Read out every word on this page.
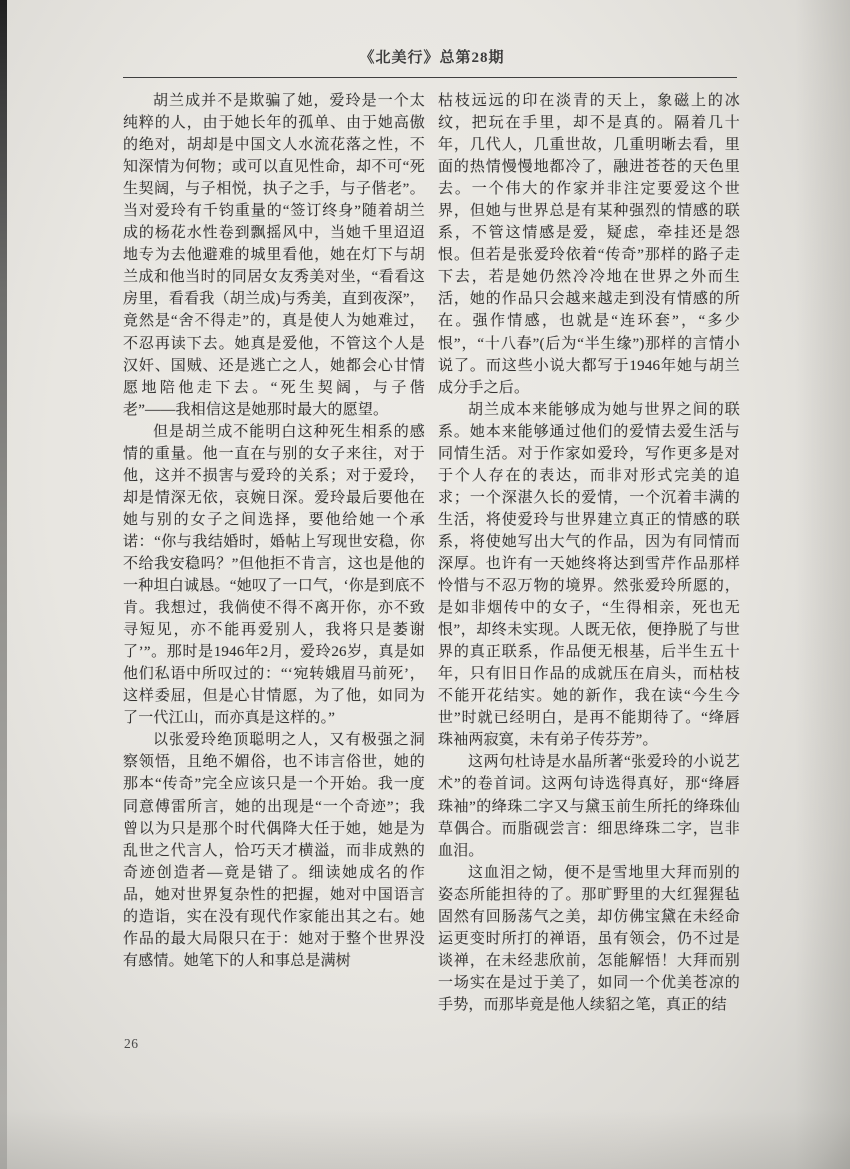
《北美行》总第28期

胡兰成并不是欺骗了她，爱玲是一个太纯粹的人，由于她长年的孤单、由于她高傲的绝对，胡却是中国文人水流花落之性，不知深情为何物；或可以直见性命，却不可“死生契阔，与子相悦，执子之手，与子偕老”。当对爱玲有千钧重量的“签订终身”随着胡兰成的杨花水性卷到飘摇风中，当她千里迢迢地专为去他避难的城里看他，她在灯下与胡兰成和他当时的同居女友秀美对坐，“看看这房里，看看我（胡兰成)与秀美，直到夜深”，竟然是“舍不得走”的，真是使人为她难过，不忍再读下去。她真是爱他，不管这个人是汉奸、国贼、还是逃亡之人，她都会心甘情愿地陪他走下去。“死生契阔，与子偕老”——我相信这是她那时最大的愿望。

但是胡兰成不能明白这种死生相系的感情的重量。他一直在与别的女子来往，对于他，这并不损害与爱玲的关系；对于爱玲，却是情深无依，哀婉日深。爱玲最后要他在她与别的女子之间选择，要他给她一个承诺：“你与我结婚时，婚帖上写现世安稳，你不给我安稳吗？”但他拒不肯言，这也是他的一种坦白诚恳。“她叹了一口气，‘你是到底不肯。我想过，我倘使不得不离开你，亦不致寻短见，亦不能再爱别人，我将只是萎谢了’”。那时是1946年2月，爱玲26岁，真是如他们私语中所叹过的：“‘宛转娥眉马前死’，这样委屈，但是心甘情愿，为了他，如同为了一代江山，而亦真是这样的。”

以张爱玲绝顶聪明之人，又有极强之洞察领悟，且绝不媚俗，也不讳言俗世，她的那本“传奇”完全应该只是一个开始。我一度同意傅雷所言，她的出现是“一个奇迹”；我曾以为只是那个时代偶降大任于她，她是为乱世之代言人，恰巧天才横溢，而非成熟的奇迹创造者—竟是错了。细读她成名的作品，她对世界复杂性的把握，她对中国语言的造诣，实在没有现代作家能出其之右。她作品的最大局限只在于：她对于整个世界没有感情。她笔下的人和事总是满树

枯枝远远的印在淡青的天上，象磁上的冰纹，把玩在手里，却不是真的。隔着几十年，几代人，几重世故，几重明晰去看，里面的热情慢慢地都冷了，融进苍苍的天色里去。一个伟大的作家并非注定要爱这个世界，但她与世界总是有某种强烈的情感的联系，不管这情感是爱，疑虑，牵挂还是怨恨。但若是张爱玲依着“传奇”那样的路子走下去，若是她仍然冷冷地在世界之外而生活，她的作品只会越来越走到没有情感的所在。强作情感，也就是“连环套”，“多少恨”，“十八春”(后为“半生缘”)那样的言情小说了。而这些小说大都写于1946年她与胡兰成分手之后。

胡兰成本来能够成为她与世界之间的联系。她本来能够通过他们的爱情去爱生活与同情生活。对于作家如爱玲，写作更多是对于个人存在的表达，而非对形式完美的追求；一个深湛久长的爱情，一个沉着丰满的生活，将使爱玲与世界建立真正的情感的联系，将使她写出大气的作品，因为有同情而深厚。也许有一天她终将达到雪芹作品那样怜惜与不忍万物的境界。然张爱玲所愿的，是如非烟传中的女子，“生得相亲，死也无恨”，却终未实现。人既无依，便挣脱了与世界的真正联系，作品便无根基，后半生五十年，只有旧日作品的成就压在肩头，而枯枝不能开花结实。她的新作，我在读“今生今世”时就已经明白，是再不能期待了。“绛唇珠袖两寂寞，未有弟子传芬芳”。

这两句杜诗是水晶所著“张爱玲的小说艺术”的卷首词。这两句诗选得真好，那“绛唇珠袖”的绛珠二字又与黛玉前生所托的绛珠仙草偶合。而脂砚尝言：细思绛珠二字，岂非血泪。

这血泪之恸，便不是雪地里大拜而别的姿态所能担待的了。那旷野里的大红猩猩毡固然有回肠荡气之美，却仿佛宝黛在未经命运更变时所打的禅语，虽有领会，仍不过是谈禅，在未经悲欣前，怎能解悟！大拜而别一场实在是过于美了，如同一个优美苍凉的手势，而那毕竟是他人续貂之笔，真正的结

26
